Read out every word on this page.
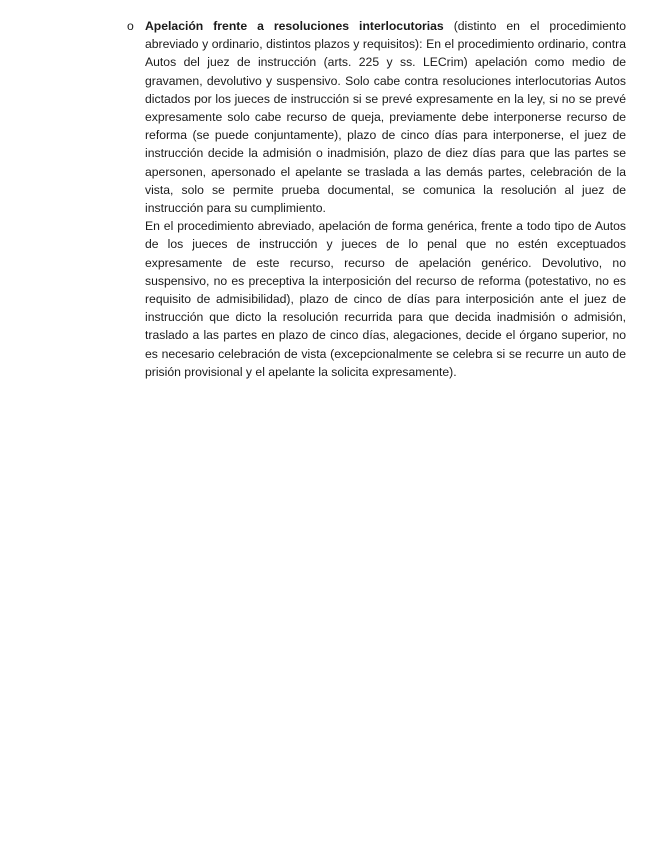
o Apelación frente a resoluciones interlocutorias (distinto en el procedimiento abreviado y ordinario, distintos plazos y requisitos): En el procedimiento ordinario, contra Autos del juez de instrucción (arts. 225 y ss. LECrim) apelación como medio de gravamen, devolutivo y suspensivo. Solo cabe contra resoluciones interlocutorias Autos dictados por los jueces de instrucción si se prevé expresamente en la ley, si no se prevé expresamente solo cabe recurso de queja, previamente debe interponerse recurso de reforma (se puede conjuntamente), plazo de cinco días para interponerse, el juez de instrucción decide la admisión o inadmisión, plazo de diez días para que las partes se apersonen, apersonado el apelante se traslada a las demás partes, celebración de la vista, solo se permite prueba documental, se comunica la resolución al juez de instrucción para su cumplimiento.

En el procedimiento abreviado, apelación de forma genérica, frente a todo tipo de Autos de los jueces de instrucción y jueces de lo penal que no estén exceptuados expresamente de este recurso, recurso de apelación genérico. Devolutivo, no suspensivo, no es preceptiva la interposición del recurso de reforma (potestativo, no es requisito de admisibilidad), plazo de cinco de días para interposición ante el juez de instrucción que dicto la resolución recurrida para que decida inadmisión o admisión, traslado a las partes en plazo de cinco días, alegaciones, decide el órgano superior, no es necesario celebración de vista (excepcionalmente se celebra si se recurre un auto de prisión provisional y el apelante la solicita expresamente).
